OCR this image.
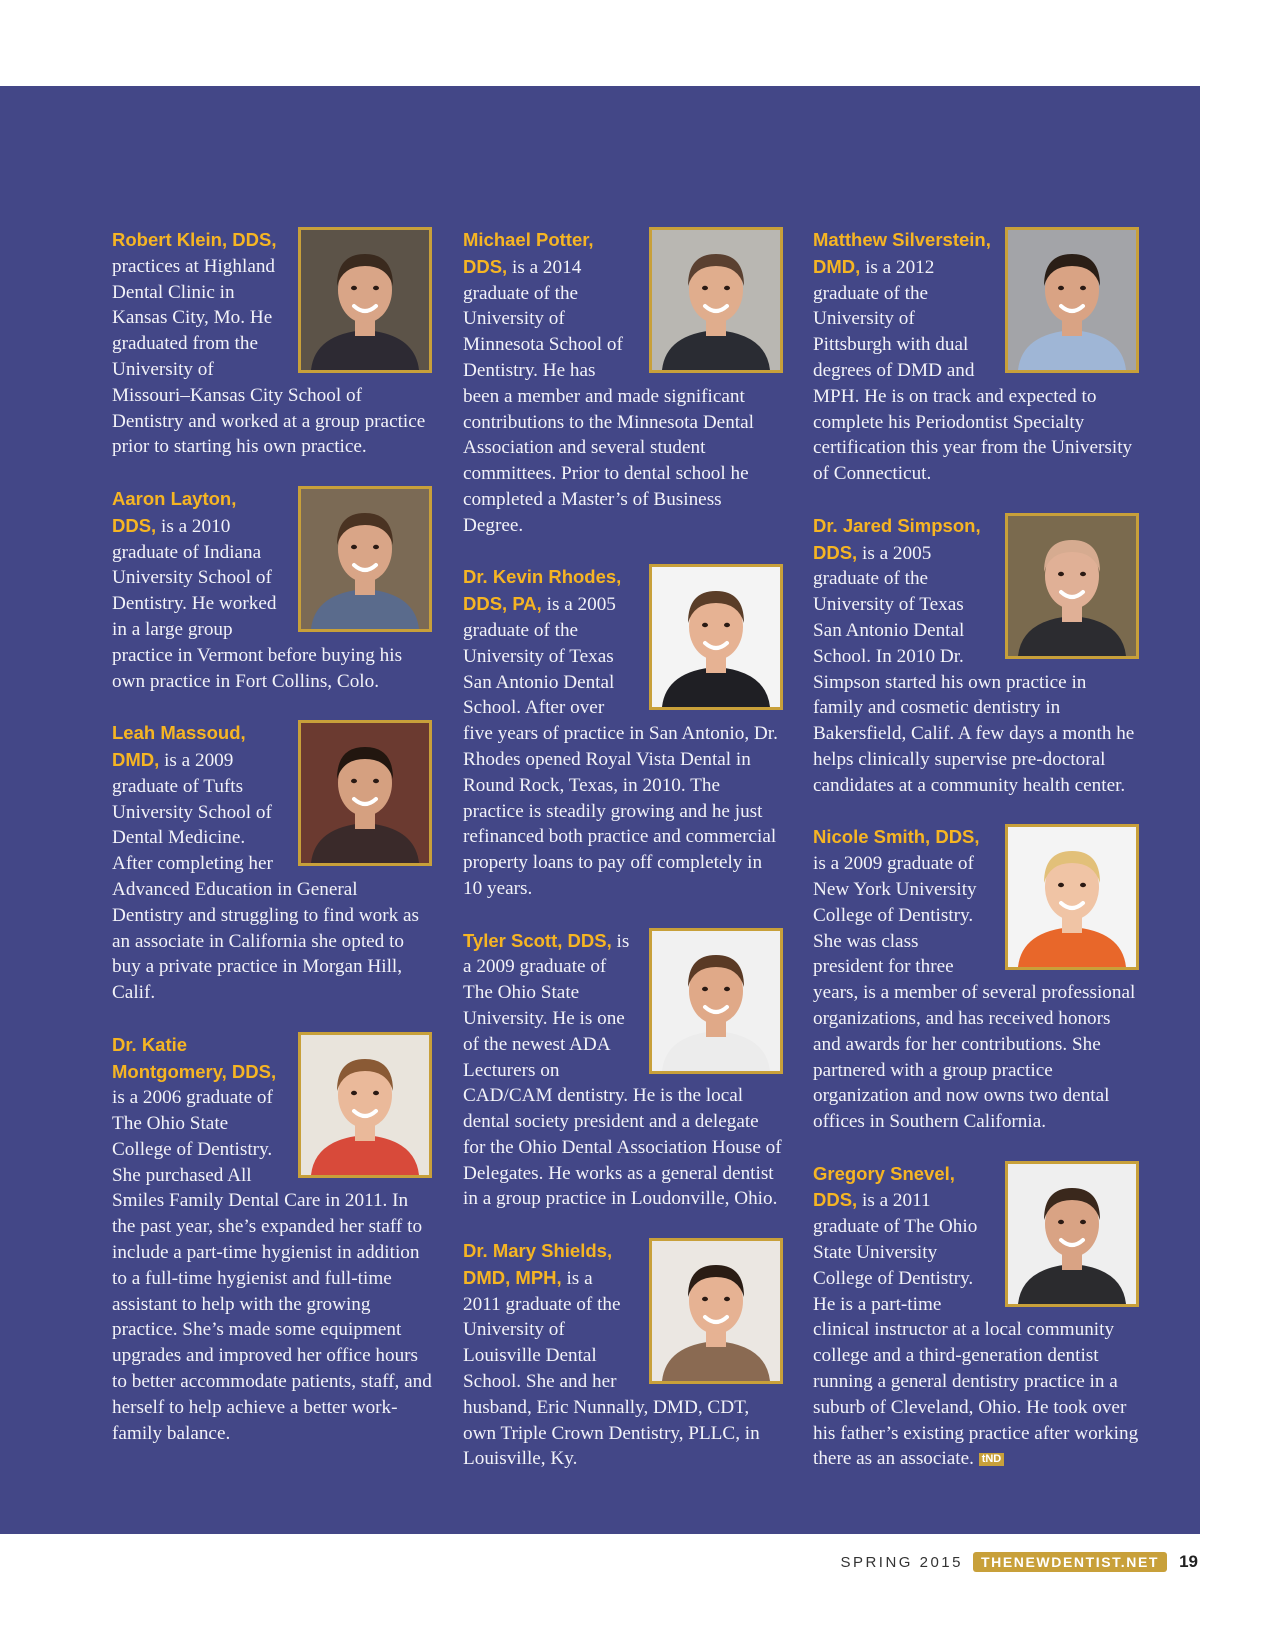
Robert Klein, DDS, practices at Highland Dental Clinic in Kansas City, Mo. He graduated from the University of Missouri–Kansas City School of Dentistry and worked at a group practice prior to starting his own practice.
Aaron Layton, DDS, is a 2010 graduate of Indiana University School of Dentistry. He worked in a large group practice in Vermont before buying his own practice in Fort Collins, Colo.
Leah Massoud, DMD, is a 2009 graduate of Tufts University School of Dental Medicine. After completing her Advanced Education in General Dentistry and struggling to find work as an associate in California she opted to buy a private practice in Morgan Hill, Calif.
Dr. Katie Montgomery, DDS, is a 2006 graduate of The Ohio State College of Dentistry. She purchased All Smiles Family Dental Care in 2011. In the past year, she’s expanded her staff to include a part-time hygienist in addition to a full-time hygienist and full-time assistant to help with the growing practice. She’s made some equipment upgrades and improved her office hours to better accommodate patients, staff, and herself to help achieve a better work-family balance.
Michael Potter, DDS, is a 2014 graduate of the University of Minnesota School of Dentistry. He has been a member and made significant contributions to the Minnesota Dental Association and several student committees. Prior to dental school he completed a Master’s of Business Degree.
Dr. Kevin Rhodes, DDS, PA, is a 2005 graduate of the University of Texas San Antonio Dental School. After over five years of practice in San Antonio, Dr. Rhodes opened Royal Vista Dental in Round Rock, Texas, in 2010. The practice is steadily growing and he just refinanced both practice and commercial property loans to pay off completely in 10 years.
Tyler Scott, DDS, is a 2009 graduate of The Ohio State University. He is one of the newest ADA Lecturers on CAD/CAM dentistry. He is the local dental society president and a delegate for the Ohio Dental Association House of Delegates. He works as a general dentist in a group practice in Loudonville, Ohio.
Dr. Mary Shields, DMD, MPH, is a 2011 graduate of the University of Louisville Dental School. She and her husband, Eric Nunnally, DMD, CDT, own Triple Crown Dentistry, PLLC, in Louisville, Ky.
Matthew Silverstein, DMD, is a 2012 graduate of the University of Pittsburgh with dual degrees of DMD and MPH. He is on track and expected to complete his Periodontist Specialty certification this year from the University of Connecticut.
Dr. Jared Simpson, DDS, is a 2005 graduate of the University of Texas San Antonio Dental School. In 2010 Dr. Simpson started his own practice in family and cosmetic dentistry in Bakersfield, Calif. A few days a month he helps clinically supervise pre-doctoral candidates at a community health center.
Nicole Smith, DDS, is a 2009 graduate of New York University College of Dentistry. She was class president for three years, is a member of several professional organizations, and has received honors and awards for her contributions. She partnered with a group practice organization and now owns two dental offices in Southern California.
Gregory Snevel, DDS, is a 2011 graduate of The Ohio State University College of Dentistry. He is a part-time clinical instructor at a local community college and a third-generation dentist running a general dentistry practice in a suburb of Cleveland, Ohio. He took over his father’s existing practice after working there as an associate. tND
SPRING 2015	THENEWDENTIST.NET	19
